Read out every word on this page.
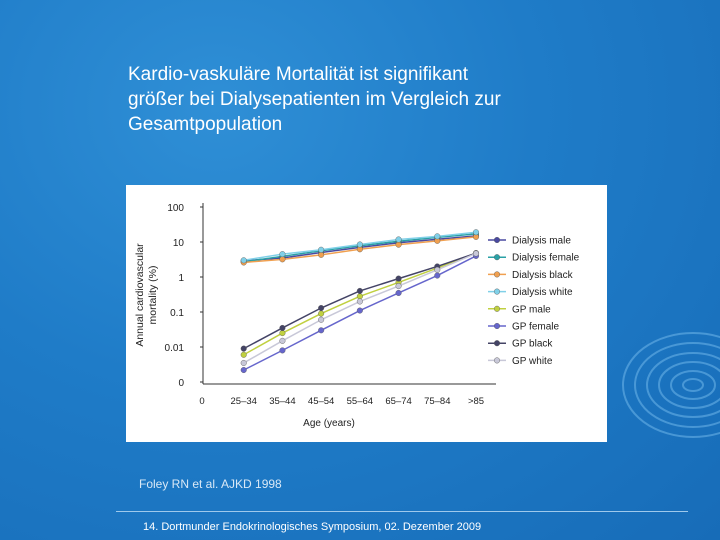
Kardio-vaskuläre Mortalität ist signifikant
größer bei Dialysepatienten im Vergleich zur
Gesamtpopulation
100
10
1
0.1
0.01
0
0	25–34 35–44 45–54 55–64 65–74 75–84 >85
Age (years)
Annual cardiovascular mortality (%)
Dialysis male
Dialysis female
Dialysis black
Dialysis white
GP male
GP female
GP black
GP white
Foley RN et al. AJKD 1998
14. Dortmunder Endokrinologisches Symposium, 02. Dezember 2009
